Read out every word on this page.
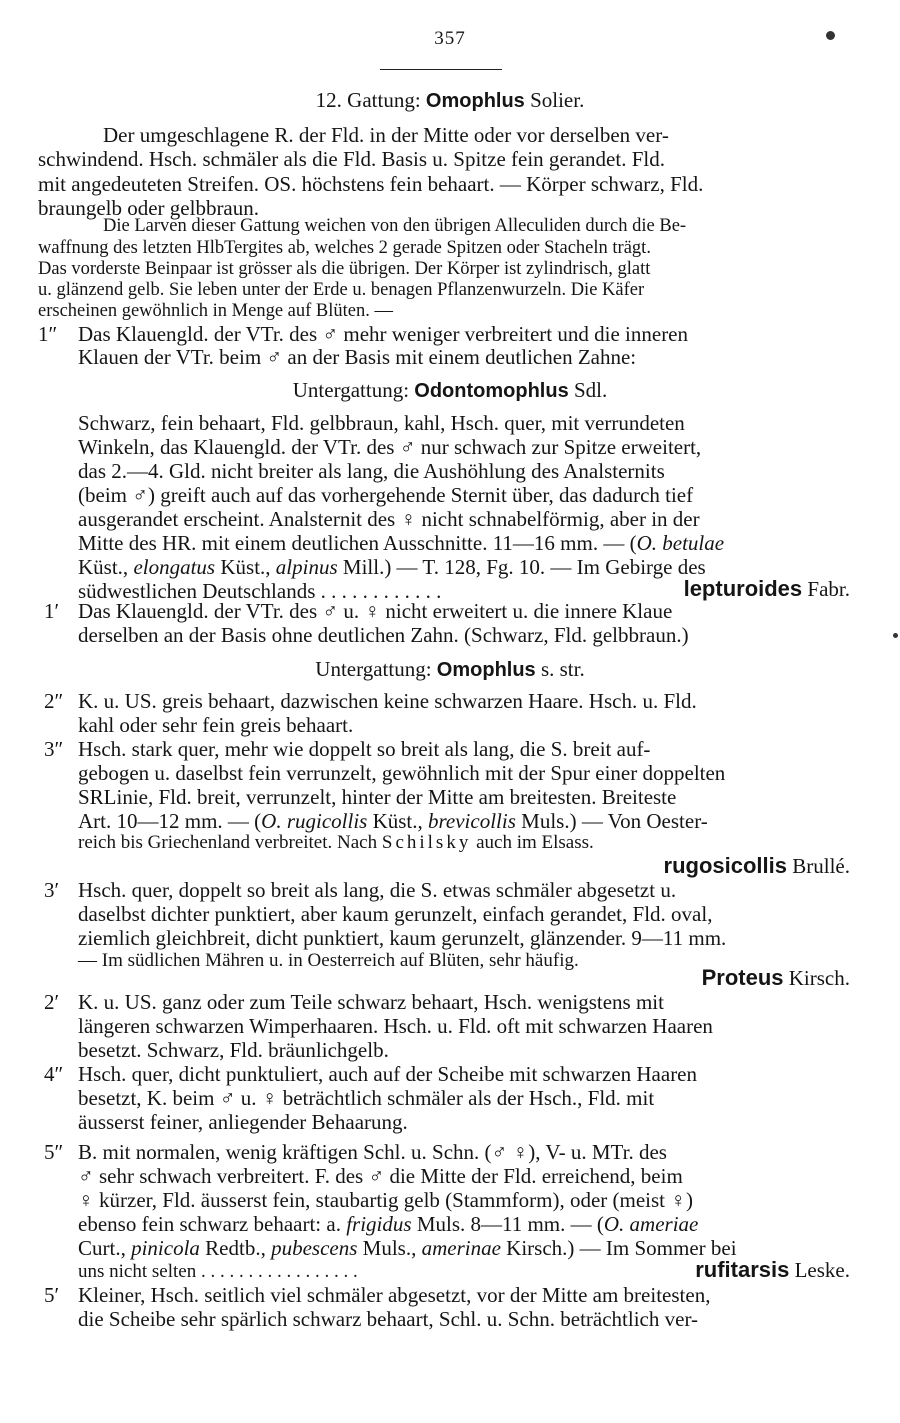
357
12. Gattung: Omophlus Solier.
Der umgeschlagene R. der Fld. in der Mitte oder vor derselben ver-
schwindend. Hsch. schmäler als die Fld. Basis u. Spitze fein gerandet. Fld.
mit angedeuteten Streifen. OS. höchstens fein behaart. — Körper schwarz, Fld.
braungelb oder gelbbraun.
Die Larven dieser Gattung weichen von den übrigen Alleculiden durch die Be-
waffnung des letzten HlbTergites ab, welches 2 gerade Spitzen oder Stacheln trägt.
Das vorderste Beinpaar ist grösser als die übrigen. Der Körper ist zylindrisch, glatt
u. glänzend gelb. Sie leben unter der Erde u. benagen Pflanzenwurzeln. Die Käfer
erscheinen gewöhnlich in Menge auf Blüten. —
1″ Das Klauengld. der VTr. des ♂ mehr weniger verbreitert und die inneren
Klauen der VTr. beim ♂ an der Basis mit einem deutlichen Zahne:
Untergattung: Odontomophlus Sdl.
Schwarz, fein behaart, Fld. gelbbraun, kahl, Hsch. quer, mit verrundeten
Winkeln, das Klauengld. der VTr. des ♂ nur schwach zur Spitze erweitert,
das 2.—4. Gld. nicht breiter als lang, die Aushöhlung des Analsternits
(beim ♂) greift auch auf das vorhergehende Sternit über, das dadurch tief
ausgerandet erscheint. Analsternit des ♀ nicht schnabelförmig, aber in der
Mitte des HR. mit einem deutlichen Ausschnitte. 11—16 mm. — (O. betulae
Küst., elongatus Küst., alpinus Mill.) — T. 128, Fg. 10. — Im Gebirge des
südwestlichen Deutschlands . . . . . . . . . . . .	lepturoides Fabr.
1′ Das Klauengld. der VTr. des ♂ u. ♀ nicht erweitert u. die innere Klaue
derselben an der Basis ohne deutlichen Zahn. (Schwarz, Fld. gelbbraun.)
Untergattung: Omophlus s. str.
2″ K. u. US. greis behaart, dazwischen keine schwarzen Haare. Hsch. u. Fld.
kahl oder sehr fein greis behaart.
3″ Hsch. stark quer, mehr wie doppelt so breit als lang, die S. breit auf-
gebogen u. daselbst fein verrunzelt, gewöhnlich mit der Spur einer doppelten
SRLinie, Fld. breit, verrunzelt, hinter der Mitte am breitesten. Breiteste
Art. 10—12 mm. — (O. rugicollis Küst., brevicollis Muls.) — Von Oester-
reich bis Griechenland verbreitet. Nach Schilsky auch im Elsass.
rugosicollis Brullé.
3′ Hsch. quer, doppelt so breit als lang, die S. etwas schmäler abgesetzt u.
daselbst dichter punktiert, aber kaum gerunzelt, einfach gerandet, Fld. oval,
ziemlich gleichbreit, dicht punktiert, kaum gerunzelt, glänzender. 9—11 mm.
— Im südlichen Mähren u. in Oesterreich auf Blüten, sehr häufig.
Proteus Kirsch.
2′ K. u. US. ganz oder zum Teile schwarz behaart, Hsch. wenigstens mit
längeren schwarzen Wimperhaaren. Hsch. u. Fld. oft mit schwarzen Haaren
besetzt. Schwarz, Fld. bräunlichgelb.
4″ Hsch. quer, dicht punktuliert, auch auf der Scheibe mit schwarzen Haaren
besetzt, K. beim ♂ u. ♀ beträchtlich schmäler als der Hsch., Fld. mit
äusserst feiner, anliegender Behaarung.
5″ B. mit normalen, wenig kräftigen Schl. u. Schn. (♂ ♀), V- u. MTr. des
♂ sehr schwach verbreitert. F. des ♂ die Mitte der Fld. erreichend, beim
♀ kürzer, Fld. äusserst fein, staubartig gelb (Stammform), oder (meist ♀)
ebenso fein schwarz behaart: a. frigidus Muls. 8—11 mm. — (O. ameriae
Curt., pinicola Redtb., pubescens Muls., amerinae Kirsch.) — Im Sommer bei
uns nicht selten . . . . . . . . . . . . . . . . .	rufitarsis Leske.
5′ Kleiner, Hsch. seitlich viel schmäler abgesetzt, vor der Mitte am breitesten,
die Scheibe sehr spärlich schwarz behaart, Schl. u. Schn. beträchtlich ver-
